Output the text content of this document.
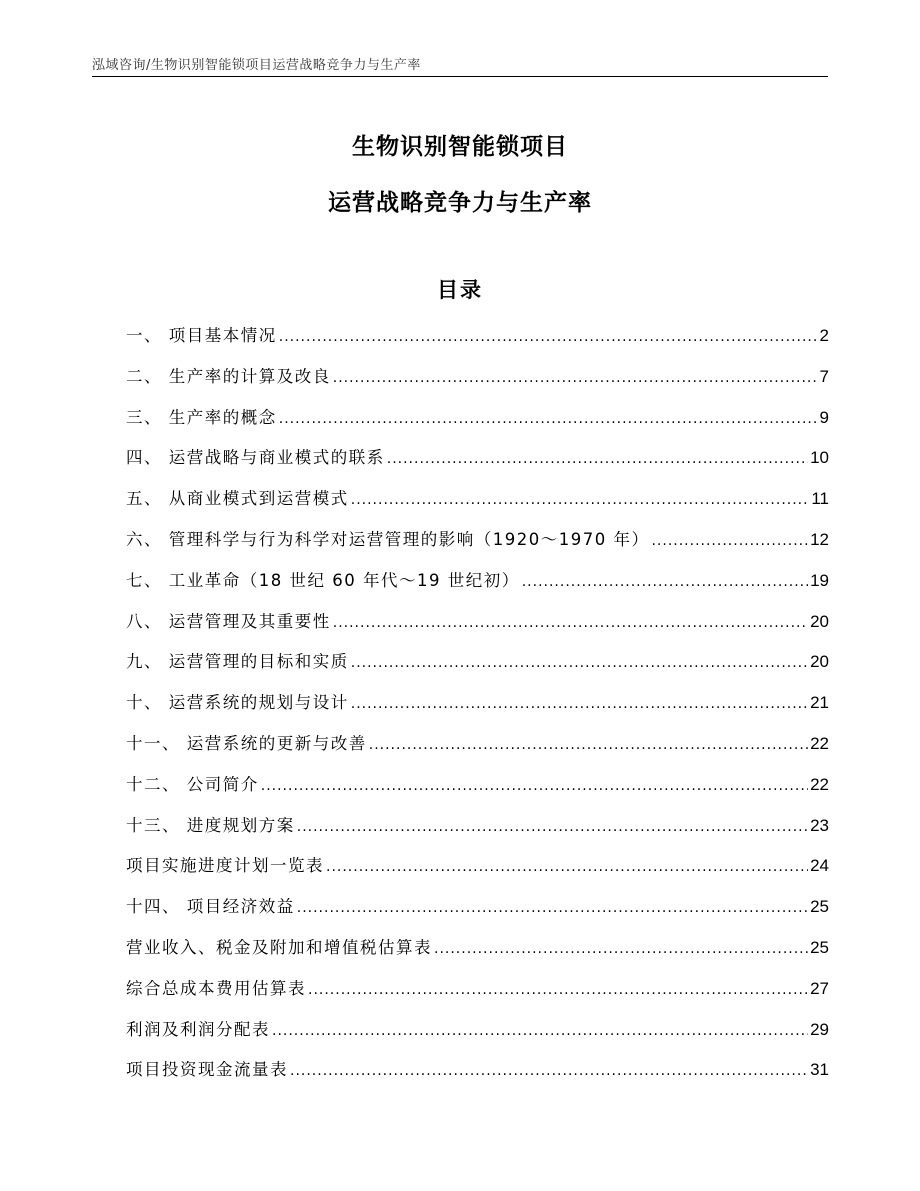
泓域咨询/生物识别智能锁项目运营战略竞争力与生产率
生物识别智能锁项目
运营战略竞争力与生产率
目录
一、 项目基本情况 .....	2
二、 生产率的计算及改良 .....	7
三、 生产率的概念 .....	9
四、 运营战略与商业模式的联系 .....	10
五、 从商业模式到运营模式 .....	11
六、 管理科学与行为科学对运营管理的影响（1920～1970 年） .....	12
七、 工业革命（18 世纪 60 年代～19 世纪初） .....	19
八、 运营管理及其重要性 .....	20
九、 运营管理的目标和实质 .....	20
十、 运营系统的规划与设计 .....	21
十一、 运营系统的更新与改善 .....	22
十二、 公司简介 .....	22
十三、 进度规划方案 .....	23
项目实施进度计划一览表 .....	24
十四、 项目经济效益 .....	25
营业收入、税金及附加和增值税估算表 .....	25
综合总成本费用估算表 .....	27
利润及利润分配表 .....	29
项目投资现金流量表 .....	31
